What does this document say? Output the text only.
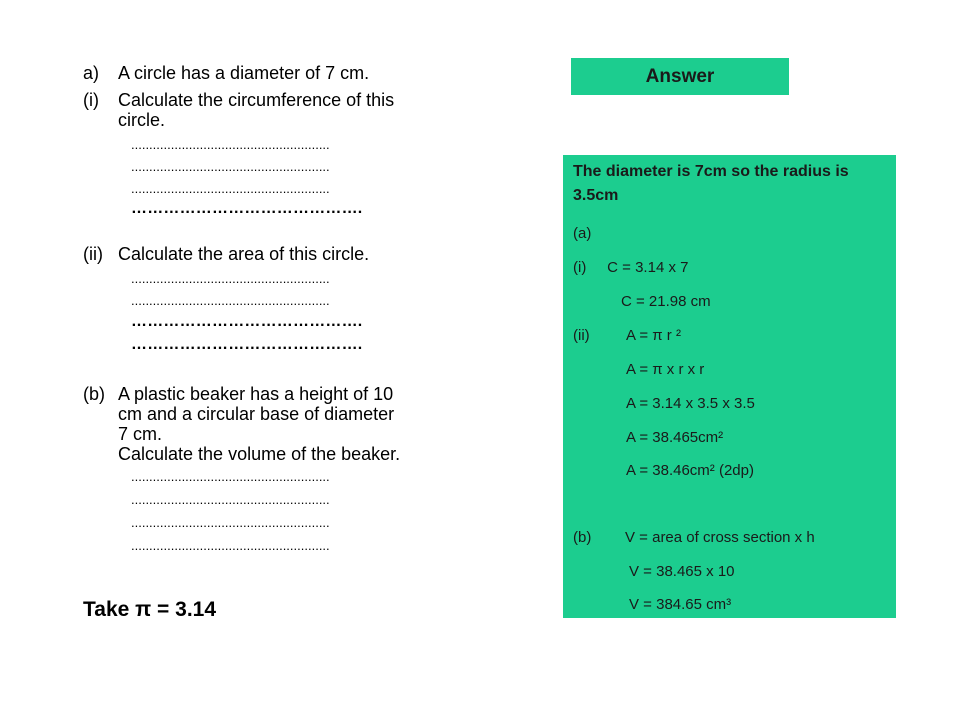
a) A circle has a diameter of 7 cm.
(i) Calculate the circumference of this
circle.
.......................................................
.......................................................
.......................................................
…………………………………….
(ii) Calculate the area of this circle.
.......................................................
.......................................................
…………………………………….
…………………………………….
(b) A plastic beaker has a height of 10
cm and a circular base of diameter
7 cm.
Calculate the volume of the beaker.
.......................................................
.......................................................
.......................................................
.......................................................
Take π = 3.14
Answer
The diameter is 7cm so the radius is 3.5cm
(a)
(i)     C = 3.14 x 7
C = 21.98 cm
(ii) A = π r ²
A = π x r x r
A = 3.14 x 3.5 x 3.5
A = 38.465cm²
A = 38.46cm² (2dp)
(b) V = area of cross section x h
V = 38.465 x 10
V = 384.65 cm³
